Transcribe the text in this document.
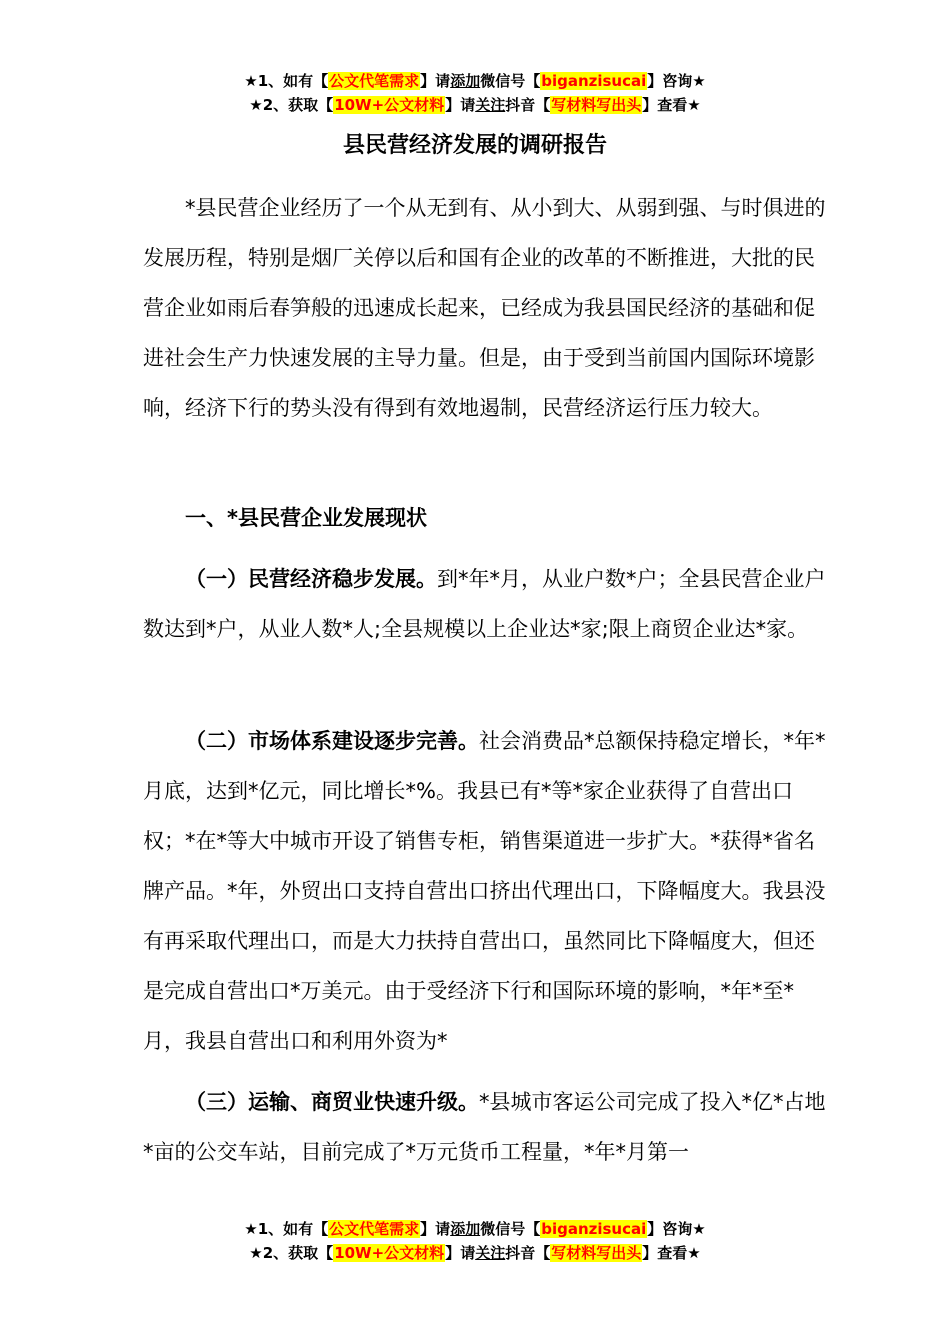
★1、如有【公文代笔需求】请添加微信号【biganzisucai】咨询★
★2、获取【10W+公文材料】请关注抖音【写材料写出头】查看★
县民营经济发展的调研报告

*县民营企业经历了一个从无到有、从小到大、从弱到强、与时俱进的发展历程，特别是烟厂关停以后和国有企业的改革的不断推进，大批的民营企业如雨后春笋般的迅速成长起来，已经成为我县国民经济的基础和促进社会生产力快速发展的主导力量。但是，由于受到当前国内国际环境影响，经济下行的势头没有得到有效地遏制，民营经济运行压力较大。

一、*县民营企业发展现状

（一）民营经济稳步发展。到*年*月，从业户数*户；全县民营企业户数达到*户，从业人数*人;全县规模以上企业达*家;限上商贸企业达*家。

（二）市场体系建设逐步完善。社会消费品*总额保持稳定增长，*年*月底，达到*亿元，同比增长*%。我县已有*等*家企业获得了自营出口权；*在*等大中城市开设了销售专柜，销售渠道进一步扩大。*获得*省名牌产品。*年，外贸出口支持自营出口挤出代理出口，下降幅度大。我县没有再采取代理出口，而是大力扶持自营出口，虽然同比下降幅度大，但还是完成自营出口*万美元。由于受经济下行和国际环境的影响，*年*至*月，我县自营出口和利用外资为*

（三）运输、商贸业快速升级。*县城市客运公司完成了投入*亿*占地*亩的公交车站，目前完成了*万元货币工程量，*年*月第一

★1、如有【公文代笔需求】请添加微信号【biganzisucai】咨询★
★2、获取【10W+公文材料】请关注抖音【写材料写出头】查看★
